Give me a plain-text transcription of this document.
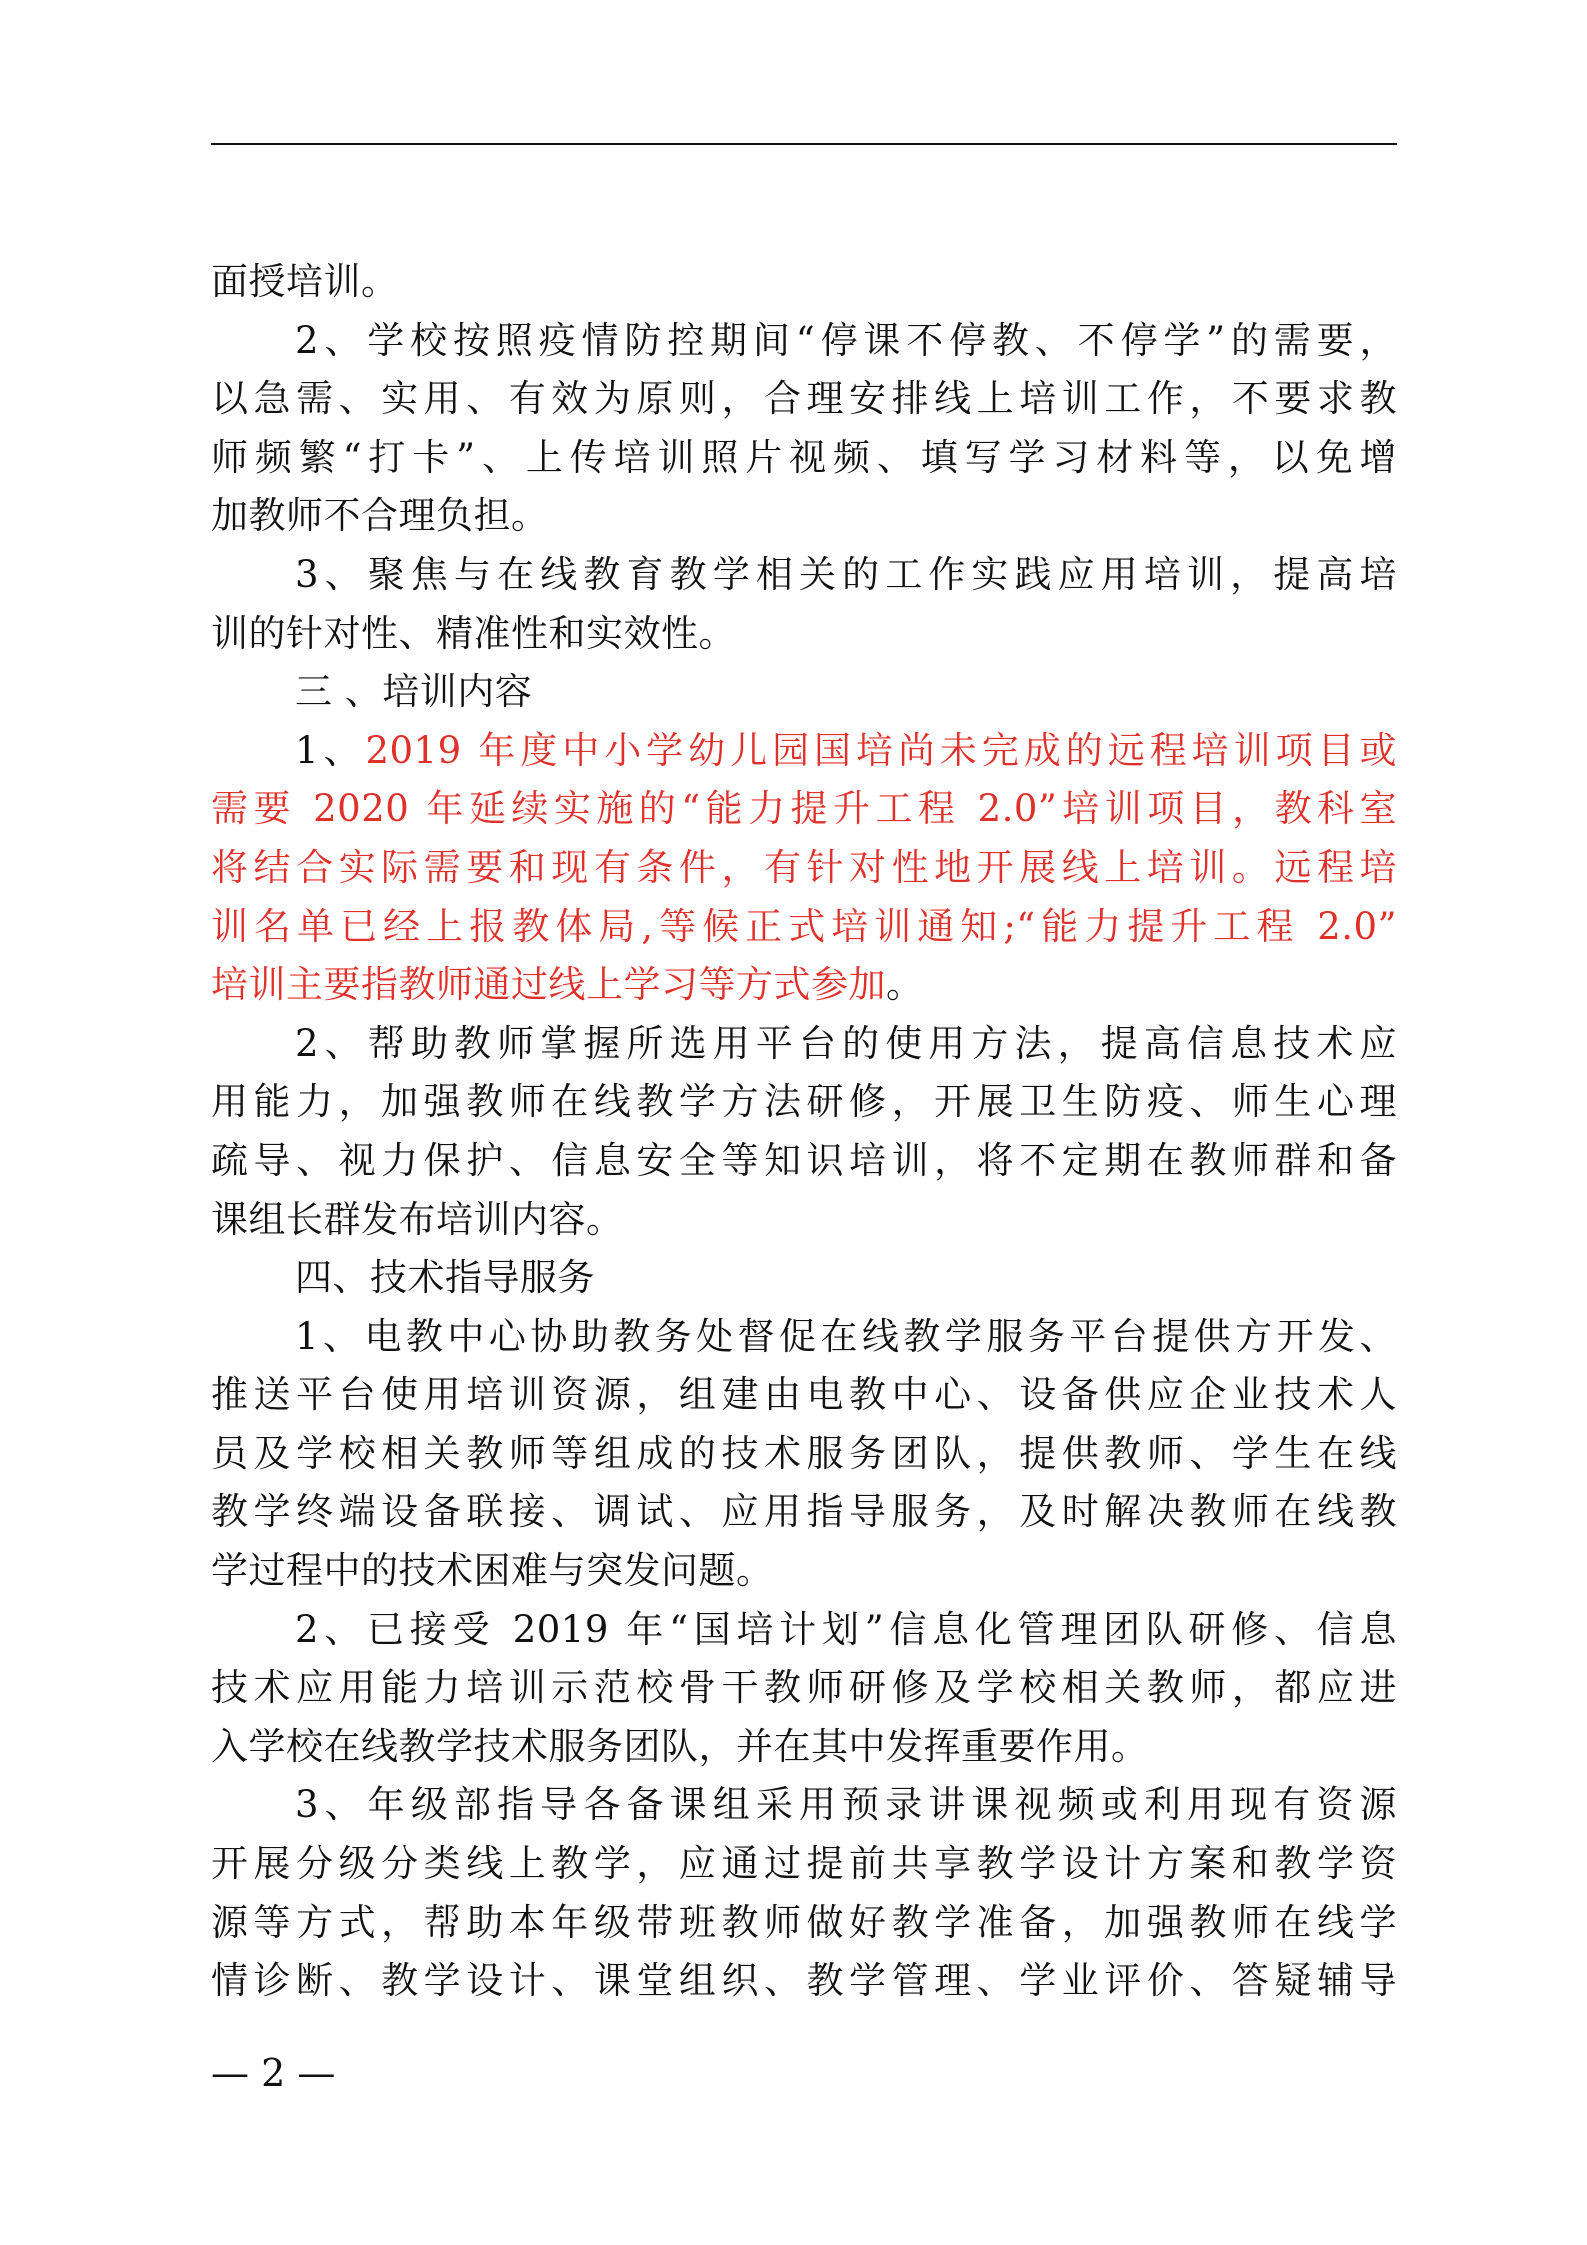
面授培训。
2、学校按照疫情防控期间“停课不停教、不停学”的需要，
以急需、实用、有效为原则，合理安排线上培训工作，不要求教
师频繁“打卡”、上传培训照片视频、填写学习材料等，以免增
加教师不合理负担。
3、聚焦与在线教育教学相关的工作实践应用培训，提高培
训的针对性、精准性和实效性。
三 、培训内容
1、2019 年度中小学幼儿园国培尚未完成的远程培训项目或
需要 2020 年延续实施的“能力提升工程 2.0”培训项目，教科室
将结合实际需要和现有条件，有针对性地开展线上培训。远程培
训名单已经上报教体局,等候正式培训通知;“能力提升工程 2.0”
培训主要指教师通过线上学习等方式参加。
2、帮助教师掌握所选用平台的使用方法，提高信息技术应
用能力，加强教师在线教学方法研修，开展卫生防疫、师生心理
疏导、视力保护、信息安全等知识培训，将不定期在教师群和备
课组长群发布培训内容。
四、技术指导服务
1、电教中心协助教务处督促在线教学服务平台提供方开发、
推送平台使用培训资源，组建由电教中心、设备供应企业技术人
员及学校相关教师等组成的技术服务团队，提供教师、学生在线
教学终端设备联接、调试、应用指导服务，及时解决教师在线教
学过程中的技术困难与突发问题。
2、已接受 2019 年“国培计划”信息化管理团队研修、信息
技术应用能力培训示范校骨干教师研修及学校相关教师，都应进
入学校在线教学技术服务团队，并在其中发挥重要作用。
3、年级部指导各备课组采用预录讲课视频或利用现有资源
开展分级分类线上教学，应通过提前共享教学设计方案和教学资
源等方式，帮助本年级带班教师做好教学准备，加强教师在线学
情诊断、教学设计、课堂组织、教学管理、学业评价、答疑辅导
— 2 —
